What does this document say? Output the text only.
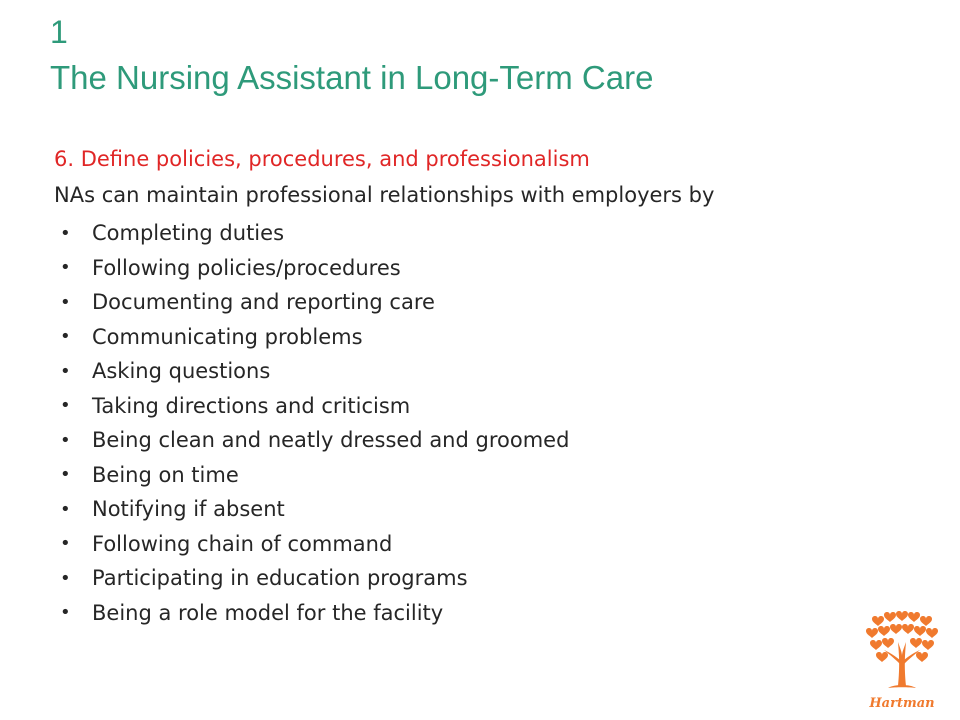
1
The Nursing Assistant in Long-Term Care
6. Define policies, procedures, and professionalism
NAs can maintain professional relationships with employers by
•	Completing duties
•	Following policies/procedures
•	Documenting and reporting care
•	Communicating problems
•	Asking questions
•	Taking directions and criticism
•	Being clean and neatly dressed and groomed
•	Being on time
•	Notifying if absent
•	Following chain of command
•	Participating in education programs
•	Being a role model for the facility
Hartman
